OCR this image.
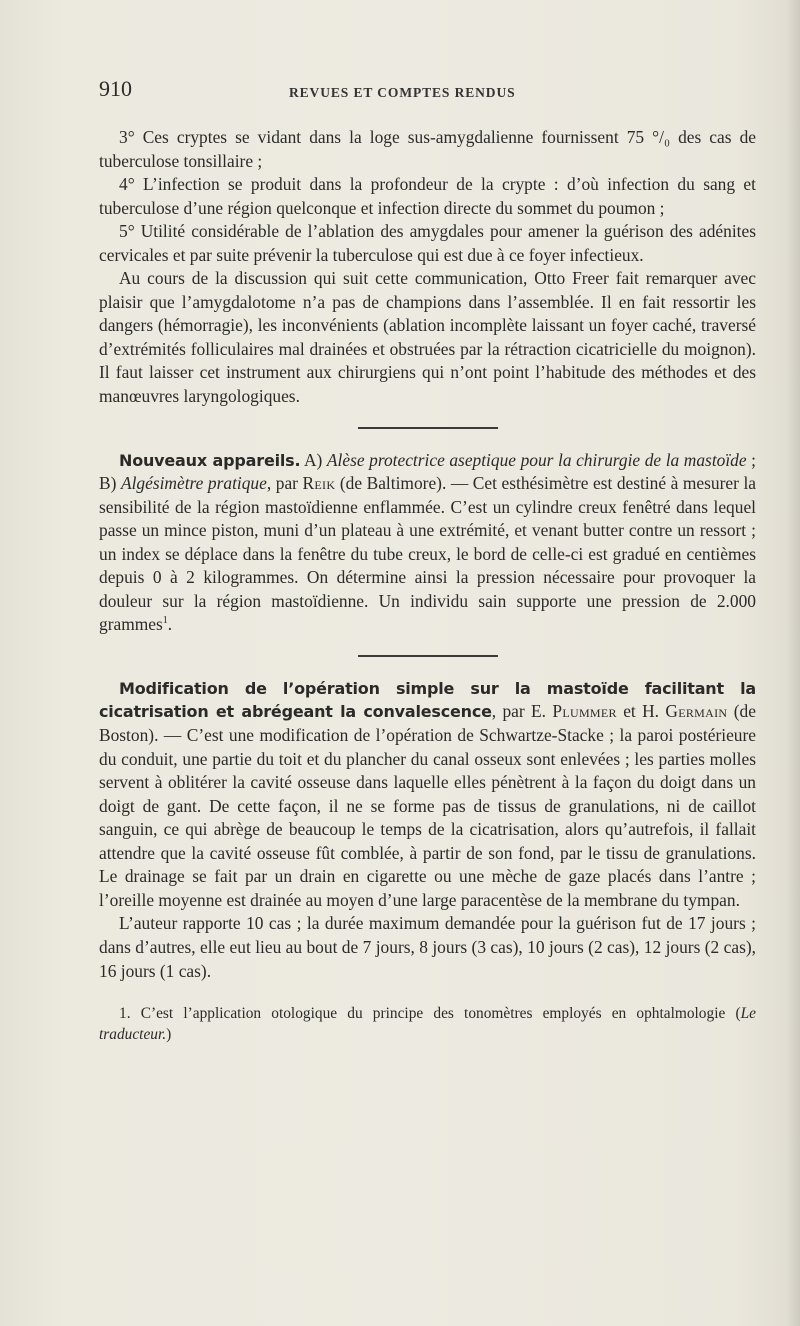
910	REVUES ET COMPTES RENDUS

3° Ces cryptes se vidant dans la loge sus-amygdalienne fournissent 75 °/₀ des cas de tuberculose tonsillaire ;

4° L’infection se produit dans la profondeur de la crypte : d’où infection du sang et tuberculose d’une région quelconque et infection directe du sommet du poumon ;

5° Utilité considérable de l’ablation des amygdales pour amener la guérison des adénites cervicales et par suite prévenir la tuberculose qui est due à ce foyer infectieux.

Au cours de la discussion qui suit cette communication, Otto Freer fait remarquer avec plaisir que l’amygdalotome n’a pas de champions dans l’assemblée. Il en fait ressortir les dangers (hémorragie), les inconvénients (ablation incomplète laissant un foyer caché, traversé d’extrémités folliculaires mal drainées et obstruées par la rétraction cicatricielle du moignon). Il faut laisser cet instrument aux chirurgiens qui n’ont point l’habitude des méthodes et des manœuvres laryngologiques.

Nouveaux appareils. A) Alèse protectrice aseptique pour la chirurgie de la mastoïde ; B) Algésimètre pratique, par Reik (de Baltimore). — Cet esthésimètre est destiné à mesurer la sensibilité de la région mastoïdienne enflammée. C’est un cylindre creux fenêtré dans lequel passe un mince piston, muni d’un plateau à une extrémité, et venant butter contre un ressort ; un index se déplace dans la fenêtre du tube creux, le bord de celle-ci est gradué en centièmes depuis 0 à 2 kilogrammes. On détermine ainsi la pression nécessaire pour provoquer la douleur sur la région mastoïdienne. Un individu sain supporte une pression de 2.000 grammes$^1$.

Modification de l’opération simple sur la mastoïde facilitant la cicatrisation et abrégeant la convalescence, par E. Plummer et H. Germain (de Boston). — C’est une modification de l’opération de Schwartze-Stacke ; la paroi postérieure du conduit, une partie du toit et du plancher du canal osseux sont enlevées ; les parties molles servent à oblitérer la cavité osseuse dans laquelle elles pénètrent à la façon du doigt dans un doigt de gant. De cette façon, il ne se forme pas de tissus de granulations, ni de caillot sanguin, ce qui abrège de beaucoup le temps de la cicatrisation, alors qu’autrefois, il fallait attendre que la cavité osseuse fût comblée, à partir de son fond, par le tissu de granulations. Le drainage se fait par un drain en cigarette ou une mèche de gaze placés dans l’antre ; l’oreille moyenne est drainée au moyen d’une large paracentèse de la membrane du tympan.

L’auteur rapporte 10 cas ; la durée maximum demandée pour la guérison fut de 17 jours ; dans d’autres, elle eut lieu au bout de 7 jours, 8 jours (3 cas), 10 jours (2 cas), 12 jours (2 cas), 16 jours (1 cas).

1. C’est l’application otologique du principe des tonomètres employés en ophtalmologie (Le traducteur.)
